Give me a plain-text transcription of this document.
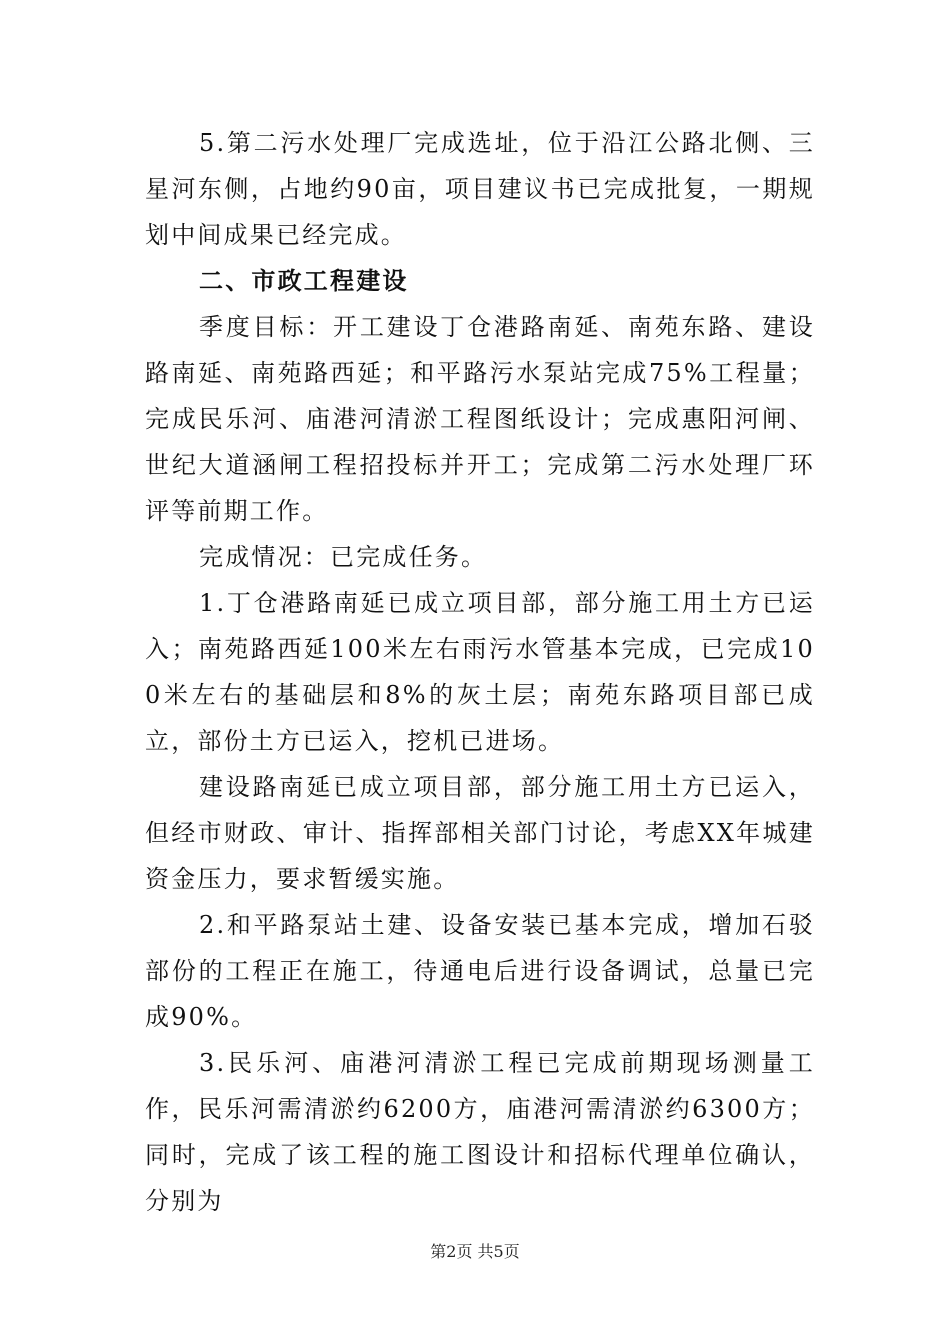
5.第二污水处理厂完成选址，位于沿江公路北侧、三星河东侧，占地约90亩，项目建议书已完成批复，一期规划中间成果已经完成。

二、市政工程建设

季度目标：开工建设丁仓港路南延、南苑东路、建设路南延、南苑路西延；和平路污水泵站完成75%工程量；完成民乐河、庙港河清淤工程图纸设计；完成惠阳河闸、世纪大道涵闸工程招投标并开工；完成第二污水处理厂环评等前期工作。

完成情况：已完成任务。

1.丁仓港路南延已成立项目部，部分施工用土方已运入；南苑路西延100米左右雨污水管基本完成，已完成100米左右的基础层和8%的灰土层；南苑东路项目部已成立，部份土方已运入，挖机已进场。

建设路南延已成立项目部，部分施工用土方已运入，但经市财政、审计、指挥部相关部门讨论，考虑XX年城建资金压力，要求暂缓实施。

2.和平路泵站土建、设备安装已基本完成，增加石驳部份的工程正在施工，待通电后进行设备调试，总量已完成90%。

3.民乐河、庙港河清淤工程已完成前期现场测量工作，民乐河需清淤约6200方，庙港河需清淤约6300方；同时，完成了该工程的施工图设计和招标代理单位确认，分别为

第2页 共5页
